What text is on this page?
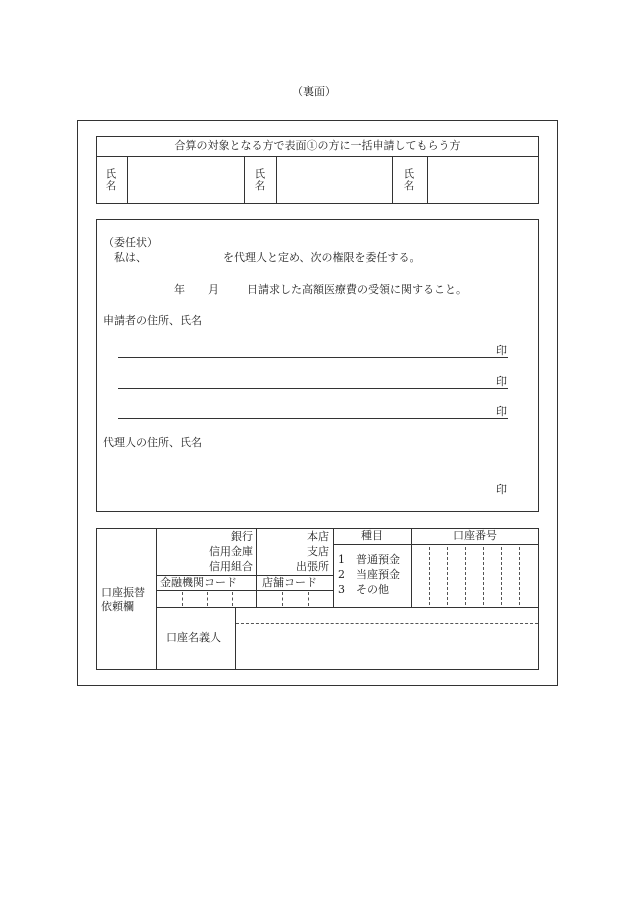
（裏面）
合算の対象となる方で表面①の方に一括申請してもらう方
氏
名
氏
名
氏
名
（委任状）
私は、	を代理人と定め、次の権限を委任する。
年 月	日請求した高額医療費の受領に関すること。
申請者の住所、氏名
印
印
印
代理人の住所、氏名
印
口座振替
依頼欄
銀行
信用金庫
信用組合
本店
支店
出張所
金融機関コード 店舗コード
種目
1 普通預金
2 当座預金
3 その他
口座番号
口座名義人
